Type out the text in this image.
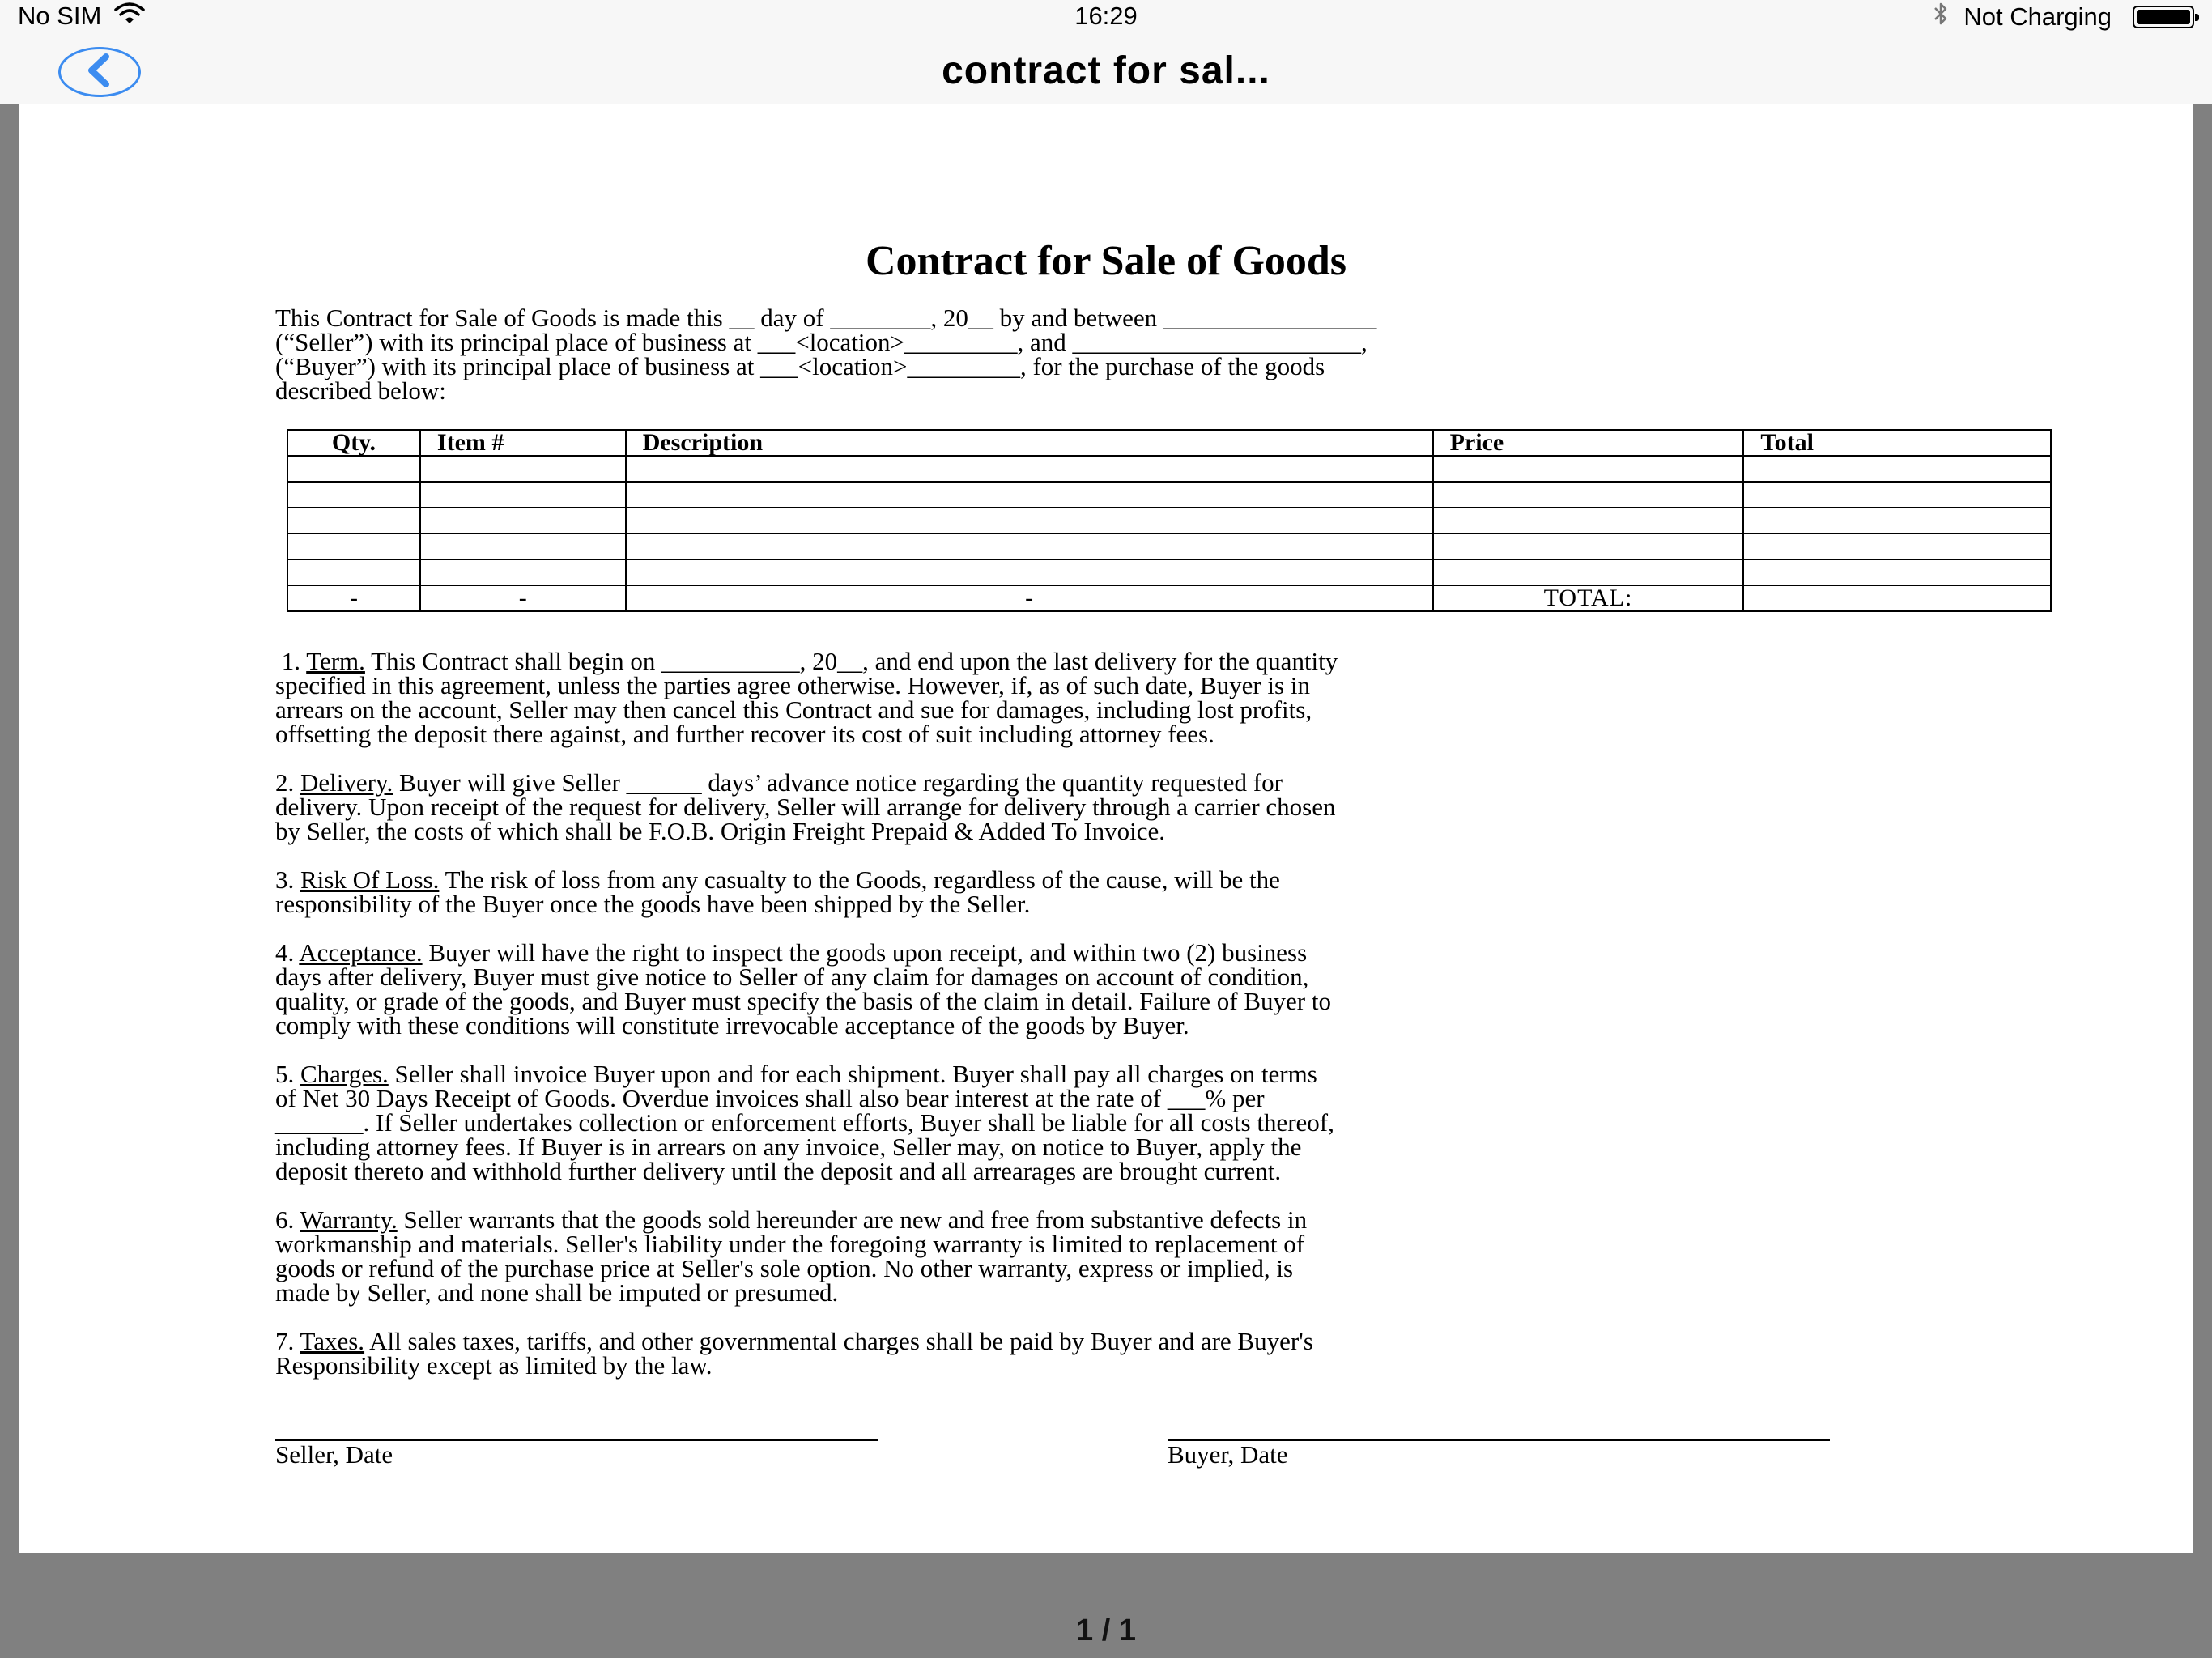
No SIM	16:29	Not Charging
contract for sal...
Contract for Sale of Goods
This Contract for Sale of Goods is made this __ day of ________, 20__ by and between _________________
(“Seller”) with its principal place of business at ___<location>_________, and _______________________,
(“Buyer”) with its principal place of business at ___<location>_________, for the purchase of the goods
described below:
Qty.	Item #	Description	Price	Total

-	-	-	TOTAL:	
1. Term. This Contract shall begin on ___________, 20__, and end upon the last delivery for the quantity
specified in this agreement, unless the parties agree otherwise. However, if, as of such date, Buyer is in
arrears on the account, Seller may then cancel this Contract and sue for damages, including lost profits,
offsetting the deposit there against, and further recover its cost of suit including attorney fees.
2. Delivery. Buyer will give Seller ______ days’ advance notice regarding the quantity requested for
delivery. Upon receipt of the request for delivery, Seller will arrange for delivery through a carrier chosen
by Seller, the costs of which shall be F.O.B. Origin Freight Prepaid & Added To Invoice.
3. Risk Of Loss. The risk of loss from any casualty to the Goods, regardless of the cause, will be the
responsibility of the Buyer once the goods have been shipped by the Seller.
4. Acceptance. Buyer will have the right to inspect the goods upon receipt, and within two (2) business
days after delivery, Buyer must give notice to Seller of any claim for damages on account of condition,
quality, or grade of the goods, and Buyer must specify the basis of the claim in detail. Failure of Buyer to
comply with these conditions will constitute irrevocable acceptance of the goods by Buyer.
5. Charges. Seller shall invoice Buyer upon and for each shipment. Buyer shall pay all charges on terms
of Net 30 Days Receipt of Goods. Overdue invoices shall also bear interest at the rate of ___% per
_______. If Seller undertakes collection or enforcement efforts, Buyer shall be liable for all costs thereof,
including attorney fees. If Buyer is in arrears on any invoice, Seller may, on notice to Buyer, apply the
deposit thereto and withhold further delivery until the deposit and all arrearages are brought current.
6. Warranty. Seller warrants that the goods sold hereunder are new and free from substantive defects in
workmanship and materials. Seller's liability under the foregoing warranty is limited to replacement of
goods or refund of the purchase price at Seller's sole option. No other warranty, express or implied, is
made by Seller, and none shall be imputed or presumed.
7. Taxes. All sales taxes, tariffs, and other governmental charges shall be paid by Buyer and are Buyer's
Responsibility except as limited by the law.
Seller, Date	Buyer, Date
1 / 1
